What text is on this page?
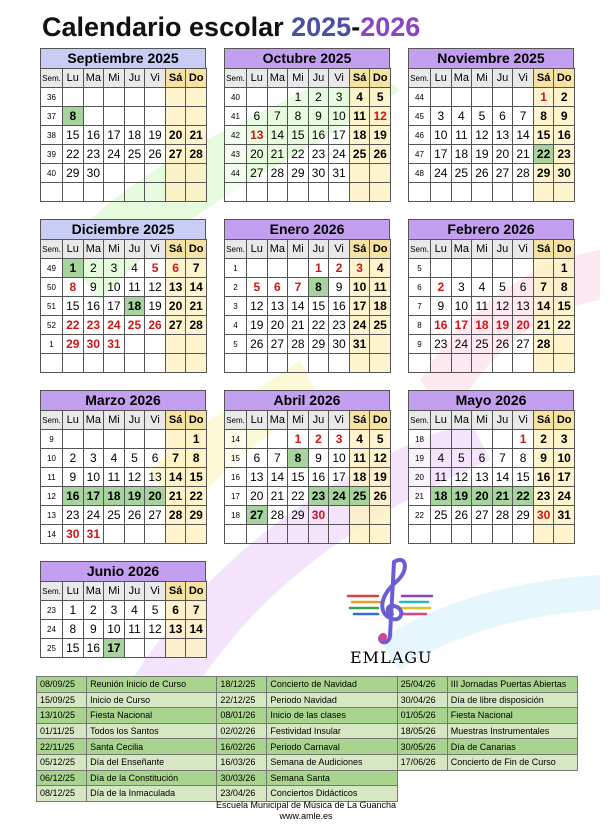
Calendario escolar 2025-2026
Septiembre 2025
Sem.	Lu	Ma	Mi	Ju	Vi	Sá	Do
36							
37	8						
38	15	16	17	18	19	20	21
39	22	23	24	25	26	27	28
40	29	30					

Octubre 2025
Sem.	Lu	Ma	Mi	Ju	Vi	Sá	Do
40			1	2	3	4	5
41	6	7	8	9	10	11	12
42	13	14	15	16	17	18	19
43	20	21	22	23	24	25	26
44	27	28	29	30	31		

Noviembre 2025
Sem.	Lu	Ma	Mi	Ju	Vi	Sá	Do
44						1	2
45	3	4	5	6	7	8	9
46	10	11	12	13	14	15	16
47	17	18	19	20	21	22	23
48	24	25	26	27	28	29	30

Diciembre 2025
Sem.	Lu	Ma	Mi	Ju	Vi	Sá	Do
49	1	2	3	4	5	6	7
50	8	9	10	11	12	13	14
51	15	16	17	18	19	20	21
52	22	23	24	25	26	27	28
1	29	30	31				

Enero 2026
Sem.	Lu	Ma	Mi	Ju	Vi	Sá	Do
1				1	2	3	4
2	5	6	7	8	9	10	11
3	12	13	14	15	16	17	18
4	19	20	21	22	23	24	25
5	26	27	28	29	30	31	

Febrero 2026
Sem.	Lu	Ma	Mi	Ju	Vi	Sá	Do
5							1
6	2	3	4	5	6	7	8
7	9	10	11	12	13	14	15
8	16	17	18	19	20	21	22
9	23	24	25	26	27	28	

Marzo 2026
Sem.	Lu	Ma	Mi	Ju	Vi	Sá	Do
9							1
10	2	3	4	5	6	7	8
11	9	10	11	12	13	14	15
12	16	17	18	19	20	21	22
13	23	24	25	26	27	28	29
14	30	31					
Abril 2026
Sem.	Lu	Ma	Mi	Ju	Vi	Sá	Do
14			1	2	3	4	5
15	6	7	8	9	10	11	12
16	13	14	15	16	17	18	19
17	20	21	22	23	24	25	26
18	27	28	29	30			

Mayo 2026
Sem.	Lu	Ma	Mi	Ju	Vi	Sá	Do
18					1	2	3
19	4	5	6	7	8	9	10
20	11	12	13	14	15	16	17
21	18	19	20	21	22	23	24
22	25	26	27	28	29	30	31

Junio 2026
Sem.	Lu	Ma	Mi	Ju	Vi	Sá	Do
23	1	2	3	4	5	6	7
24	8	9	10	11	12	13	14
25	15	16	17					EMLAGU
08/09/25	Reunión Inicio de Curso	18/12/25	Concierto de Navidad	25/04/26	III Jornadas Puertas Abiertas
15/09/25	Inicio de Curso	22/12/25	Periodo Navidad	30/04/26	Día de libre disposición
13/10/25	Fiesta Nacional	08/01/26	Inicio de las clases	01/05/26	Fiesta Nacional
01/11/25	Todos los Santos	02/02/26	Festividad Insular	18/05/26	Muestras Instrumentales
22/11/25	Santa Cecilia	16/02/26	Periodo Carnaval	30/05/26	Día de Canarias
05/12/25	Día del Enseñante	16/03/26	Semana de Audiciones	17/06/26	Concierto de Fin de Curso
06/12/25	Día de la Constitución	30/03/26	Semana Santa		
08/12/25	Día de la Inmaculada	23/04/26	Conciertos Didácticos		
Escuela Municipal de Música de La Guancha
www.amle.es
